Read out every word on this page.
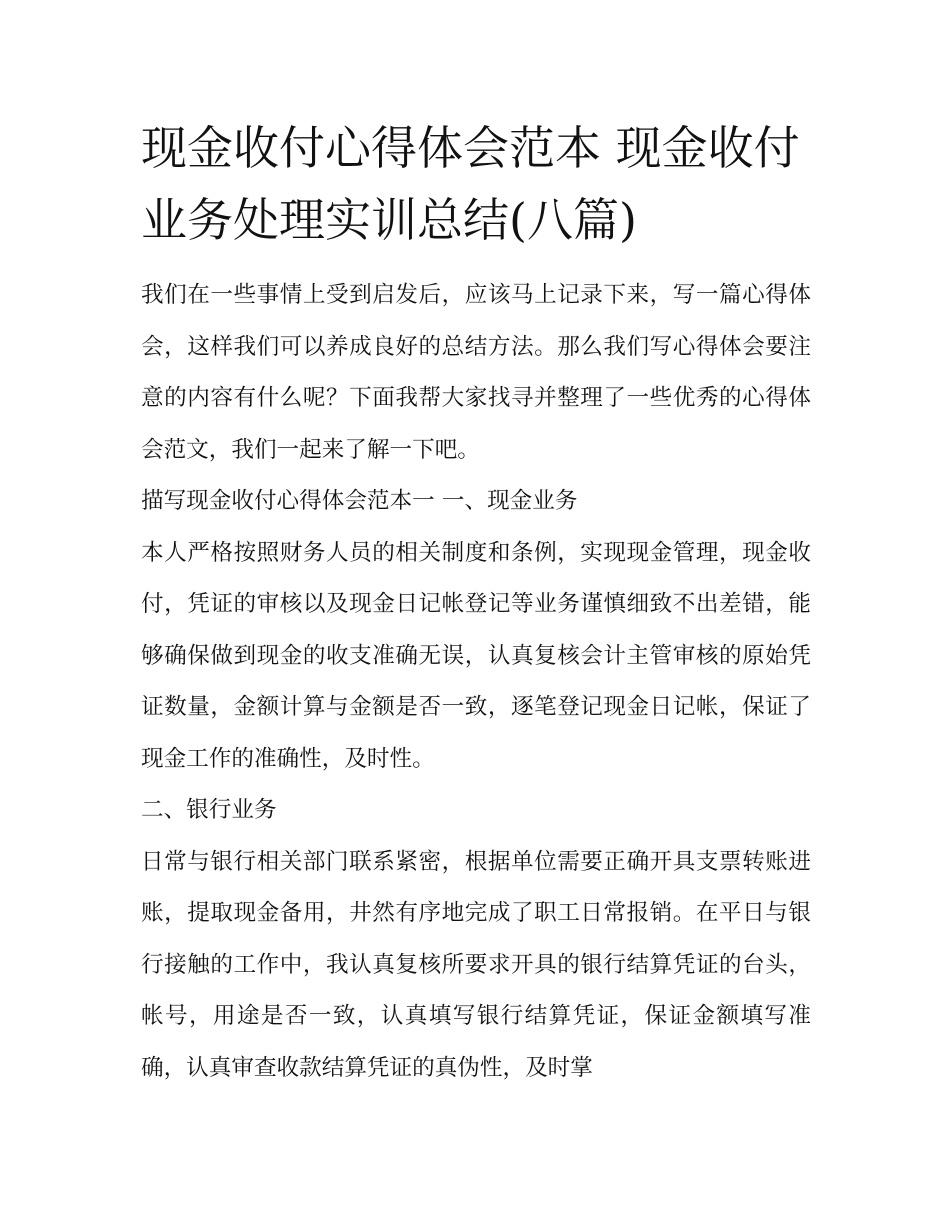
现金收付心得体会范本 现金收付业务处理实训总结(八篇)

我们在一些事情上受到启发后，应该马上记录下来，写一篇心得体会，这样我们可以养成良好的总结方法。那么我们写心得体会要注意的内容有什么呢？下面我帮大家找寻并整理了一些优秀的心得体会范文，我们一起来了解一下吧。

描写现金收付心得体会范本一 一、现金业务

本人严格按照财务人员的相关制度和条例，实现现金管理，现金收付，凭证的审核以及现金日记帐登记等业务谨慎细致不出差错，能够确保做到现金的收支准确无误，认真复核会计主管审核的原始凭证数量，金额计算与金额是否一致，逐笔登记现金日记帐，保证了现金工作的准确性，及时性。

二、银行业务

日常与银行相关部门联系紧密，根据单位需要正确开具支票转账进账，提取现金备用，井然有序地完成了职工日常报销。在平日与银行接触的工作中，我认真复核所要求开具的银行结算凭证的台头，帐号，用途是否一致，认真填写银行结算凭证，保证金额填写准确，认真审查收款结算凭证的真伪性，及时掌
